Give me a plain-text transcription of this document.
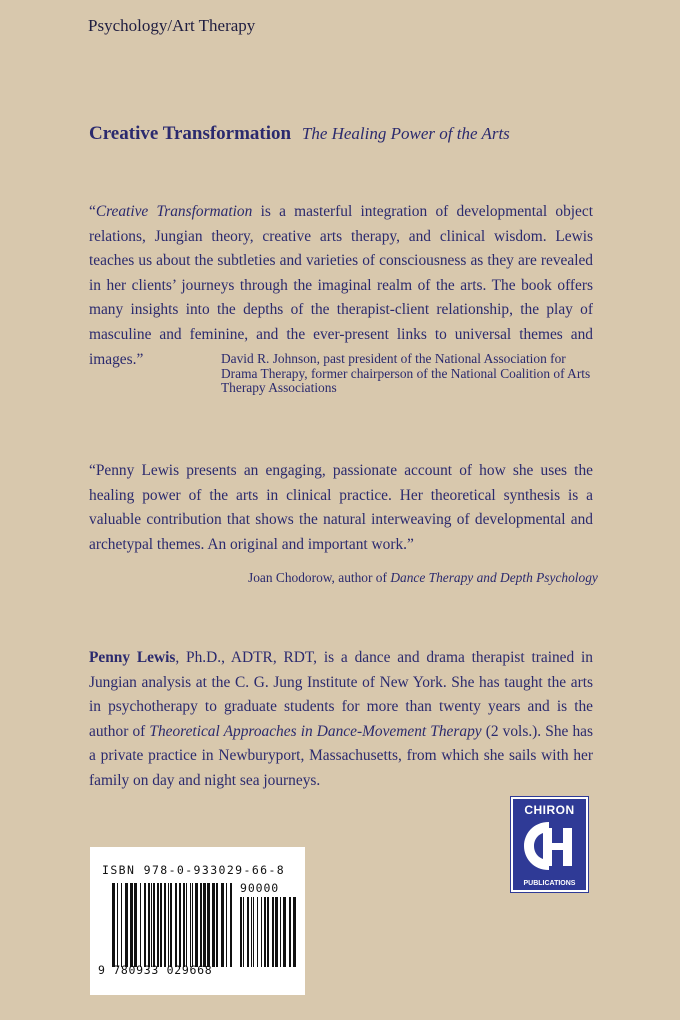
Psychology/Art Therapy
Creative Transformation The Healing Power of the Arts

“Creative Transformation is a masterful integration of developmental object relations, Jungian theory, creative arts therapy, and clinical wisdom. Lewis teaches us about the subtleties and varieties of consciousness as they are revealed in her clients’ journeys through the imaginal realm of the arts. The book offers many insights into the depths of the therapist-client relationship, the play of masculine and feminine, and the ever-present links to universal themes and images.”	David R. Johnson, past president of the National Association for Drama Therapy, former chairperson of the National Coalition of Arts Therapy Associations

“Penny Lewis presents an engaging, passionate account of how she uses the healing power of the arts in clinical practice. Her theoretical synthesis is a valuable contribution that shows the natural interweaving of developmental and archetypal themes. An original and important work.”

Joan Chodorow, author of Dance Therapy and Depth Psychology

Penny Lewis, Ph.D., ADTR, RDT, is a dance and drama therapist trained in Jungian analysis at the C. G. Jung Institute of New York. She has taught the arts in psychotherapy to graduate students for more than twenty years and is the author of Theoretical Approaches in Dance-Movement Therapy (2 vols.). She has a private practice in Newburyport, Massachusetts, from which she sails with her family on day and night sea journeys.

CHIRON
PUBLICATIONS
ISBN 978-0-933029-66-8
90000
9 780933 029668
